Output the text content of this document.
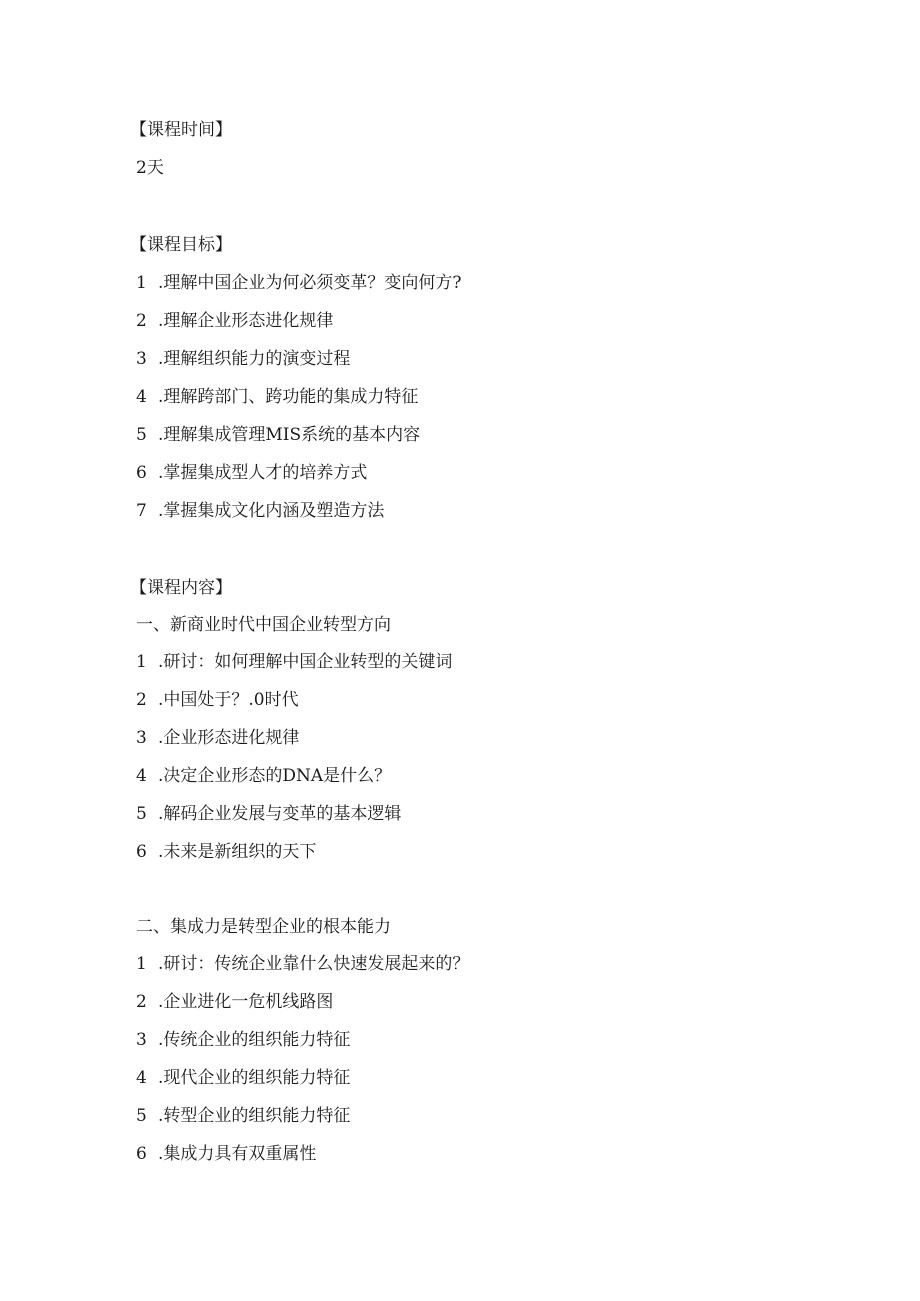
【课程时间】
2天
【课程目标】
1 .理解中国企业为何必须变革？变向何方?
2 .理解企业形态进化规律
3 .理解组织能力的演变过程
4 .理解跨部门、跨功能的集成力特征
5 .理解集成管理MIS系统的基本内容
6 .掌握集成型人才的培养方式
7 .掌握集成文化内涵及塑造方法
【课程内容】
一、新商业时代中国企业转型方向
1 .研讨：如何理解中国企业转型的关键词
2 .中国处于？.0时代
3 .企业形态进化规律
4 .决定企业形态的DNA是什么？
5 .解码企业发展与变革的基本逻辑
6 .未来是新组织的天下
二、集成力是转型企业的根本能力
1 .研讨：传统企业靠什么快速发展起来的？
2 .企业进化一危机线路图
3 .传统企业的组织能力特征
4 .现代企业的组织能力特征
5 .转型企业的组织能力特征
6 .集成力具有双重属性
